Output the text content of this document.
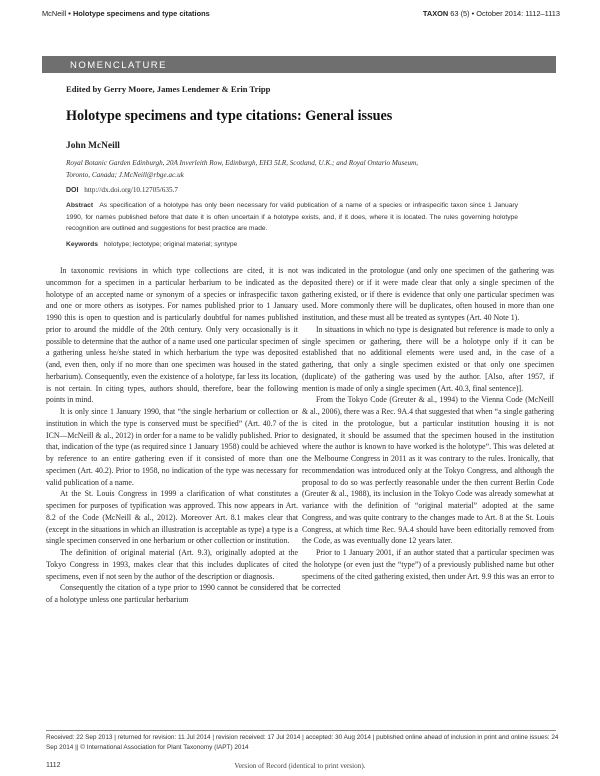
McNeill • Holotype specimens and type citations	TAXON 63 (5) • October 2014: 1112–1113
NOMENCLATURE
Edited by Gerry Moore, James Lendemer & Erin Tripp
Holotype specimens and type citations: General issues
John McNeill
Royal Botanic Garden Edinburgh, 20A Inverleith Row, Edinburgh, EH3 5LR, Scotland, U.K.; and Royal Ontario Museum,
Toronto, Canada; J.McNeill@rbge.ac.uk
DOI http://dx.doi.org/10.12705/635.7
Abstract As specification of a holotype has only been necessary for valid publication of a name of a species or infraspecific taxon since 1 January 1990, for names published before that date it is often uncertain if a holotype exists, and, if it does, where it is located. The rules governing holotype recognition are outlined and suggestions for best practice are made.
Keywords holotype; lectotype; original material; syntype

In taxonomic revisions in which type collections are cited, it is not uncommon for a specimen in a particular herbarium to be indicated as the holotype of an accepted name or synonym of a species or infraspecific taxon and one or more others as isotypes. For names published prior to 1 January 1990 this is open to question and is particularly doubtful for names published prior to around the middle of the 20th century. Only very occasionally is it possible to determine that the author of a name used one particular specimen of a gathering unless he/she stated in which herbarium the type was deposited (and, even then, only if no more than one specimen was housed in the stated herbarium). Consequently, even the existence of a holotype, far less its location, is not certain. In citing types, authors should, therefore, bear the following points in mind.

It is only since 1 January 1990, that “the single herbarium or collection or institution in which the type is conserved must be specified” (Art. 40.7 of the ICN—McNeill & al., 2012) in order for a name to be validly published. Prior to that, indication of the type (as required since 1 January 1958) could be achieved by reference to an entire gathering even if it consisted of more than one specimen (Art. 40.2). Prior to 1958, no indication of the type was necessary for valid publication of a name.

At the St. Louis Congress in 1999 a clarification of what constitutes a specimen for purposes of typification was approved. This now appears in Art. 8.2 of the Code (McNeill & al., 2012). Moreover Art. 8.1 makes clear that (except in the situations in which an illustration is acceptable as type) a type is a single specimen conserved in one herbarium or other collection or institution.

The definition of original material (Art. 9.3), originally adopted at the Tokyo Congress in 1993, makes clear that this includes duplicates of cited specimens, even if not seen by the author of the description or diagnosis.

Consequently the citation of a type prior to 1990 cannot be considered that of a holotype unless one particular herbarium

was indicated in the protologue (and only one specimen of the gathering was deposited there) or if it were made clear that only a single specimen of the gathering existed, or if there is evidence that only one particular specimen was used. More commonly there will be duplicates, often housed in more than one institution, and these must all be treated as syntypes (Art. 40 Note 1).

In situations in which no type is designated but reference is made to only a single specimen or gathering, there will be a holotype only if it can be established that no additional elements were used and, in the case of a gathering, that only a single specimen existed or that only one specimen (duplicate) of the gathering was used by the author. [Also, after 1957, if mention is made of only a single specimen (Art. 40.3, final sentence)].

From the Tokyo Code (Greuter & al., 1994) to the Vienna Code (McNeill & al., 2006), there was a Rec. 9A.4 that suggested that when “a single gathering is cited in the protologue, but a particular institution housing it is not designated, it should be assumed that the specimen housed in the institution where the author is known to have worked is the holotype”. This was deleted at the Melbourne Congress in 2011 as it was contrary to the rules. Ironically, that recommendation was introduced only at the Tokyo Congress, and although the proposal to do so was perfectly reasonable under the then current Berlin Code (Greuter & al., 1988), its inclusion in the Tokyo Code was already somewhat at variance with the definition of “original material” adopted at the same Congress, and was quite contrary to the changes made to Art. 8 at the St. Louis Congress, at which time Rec. 9A.4 should have been editorially removed from the Code, as was eventually done 12 years later.

Prior to 1 January 2001, if an author stated that a particular specimen was the holotype (or even just the “type”) of a previously published name but other specimens of the cited gathering existed, then under Art. 9.9 this was an error to be corrected

Received: 22 Sep 2013 | returned for revision: 11 Jul 2014 | revision received: 17 Jul 2014 | accepted: 30 Aug 2014 | published online ahead of inclusion in print and online issues: 24 Sep 2014 || © International Association for Plant Taxonomy (IAPT) 2014
1112	Version of Record (identical to print version).
